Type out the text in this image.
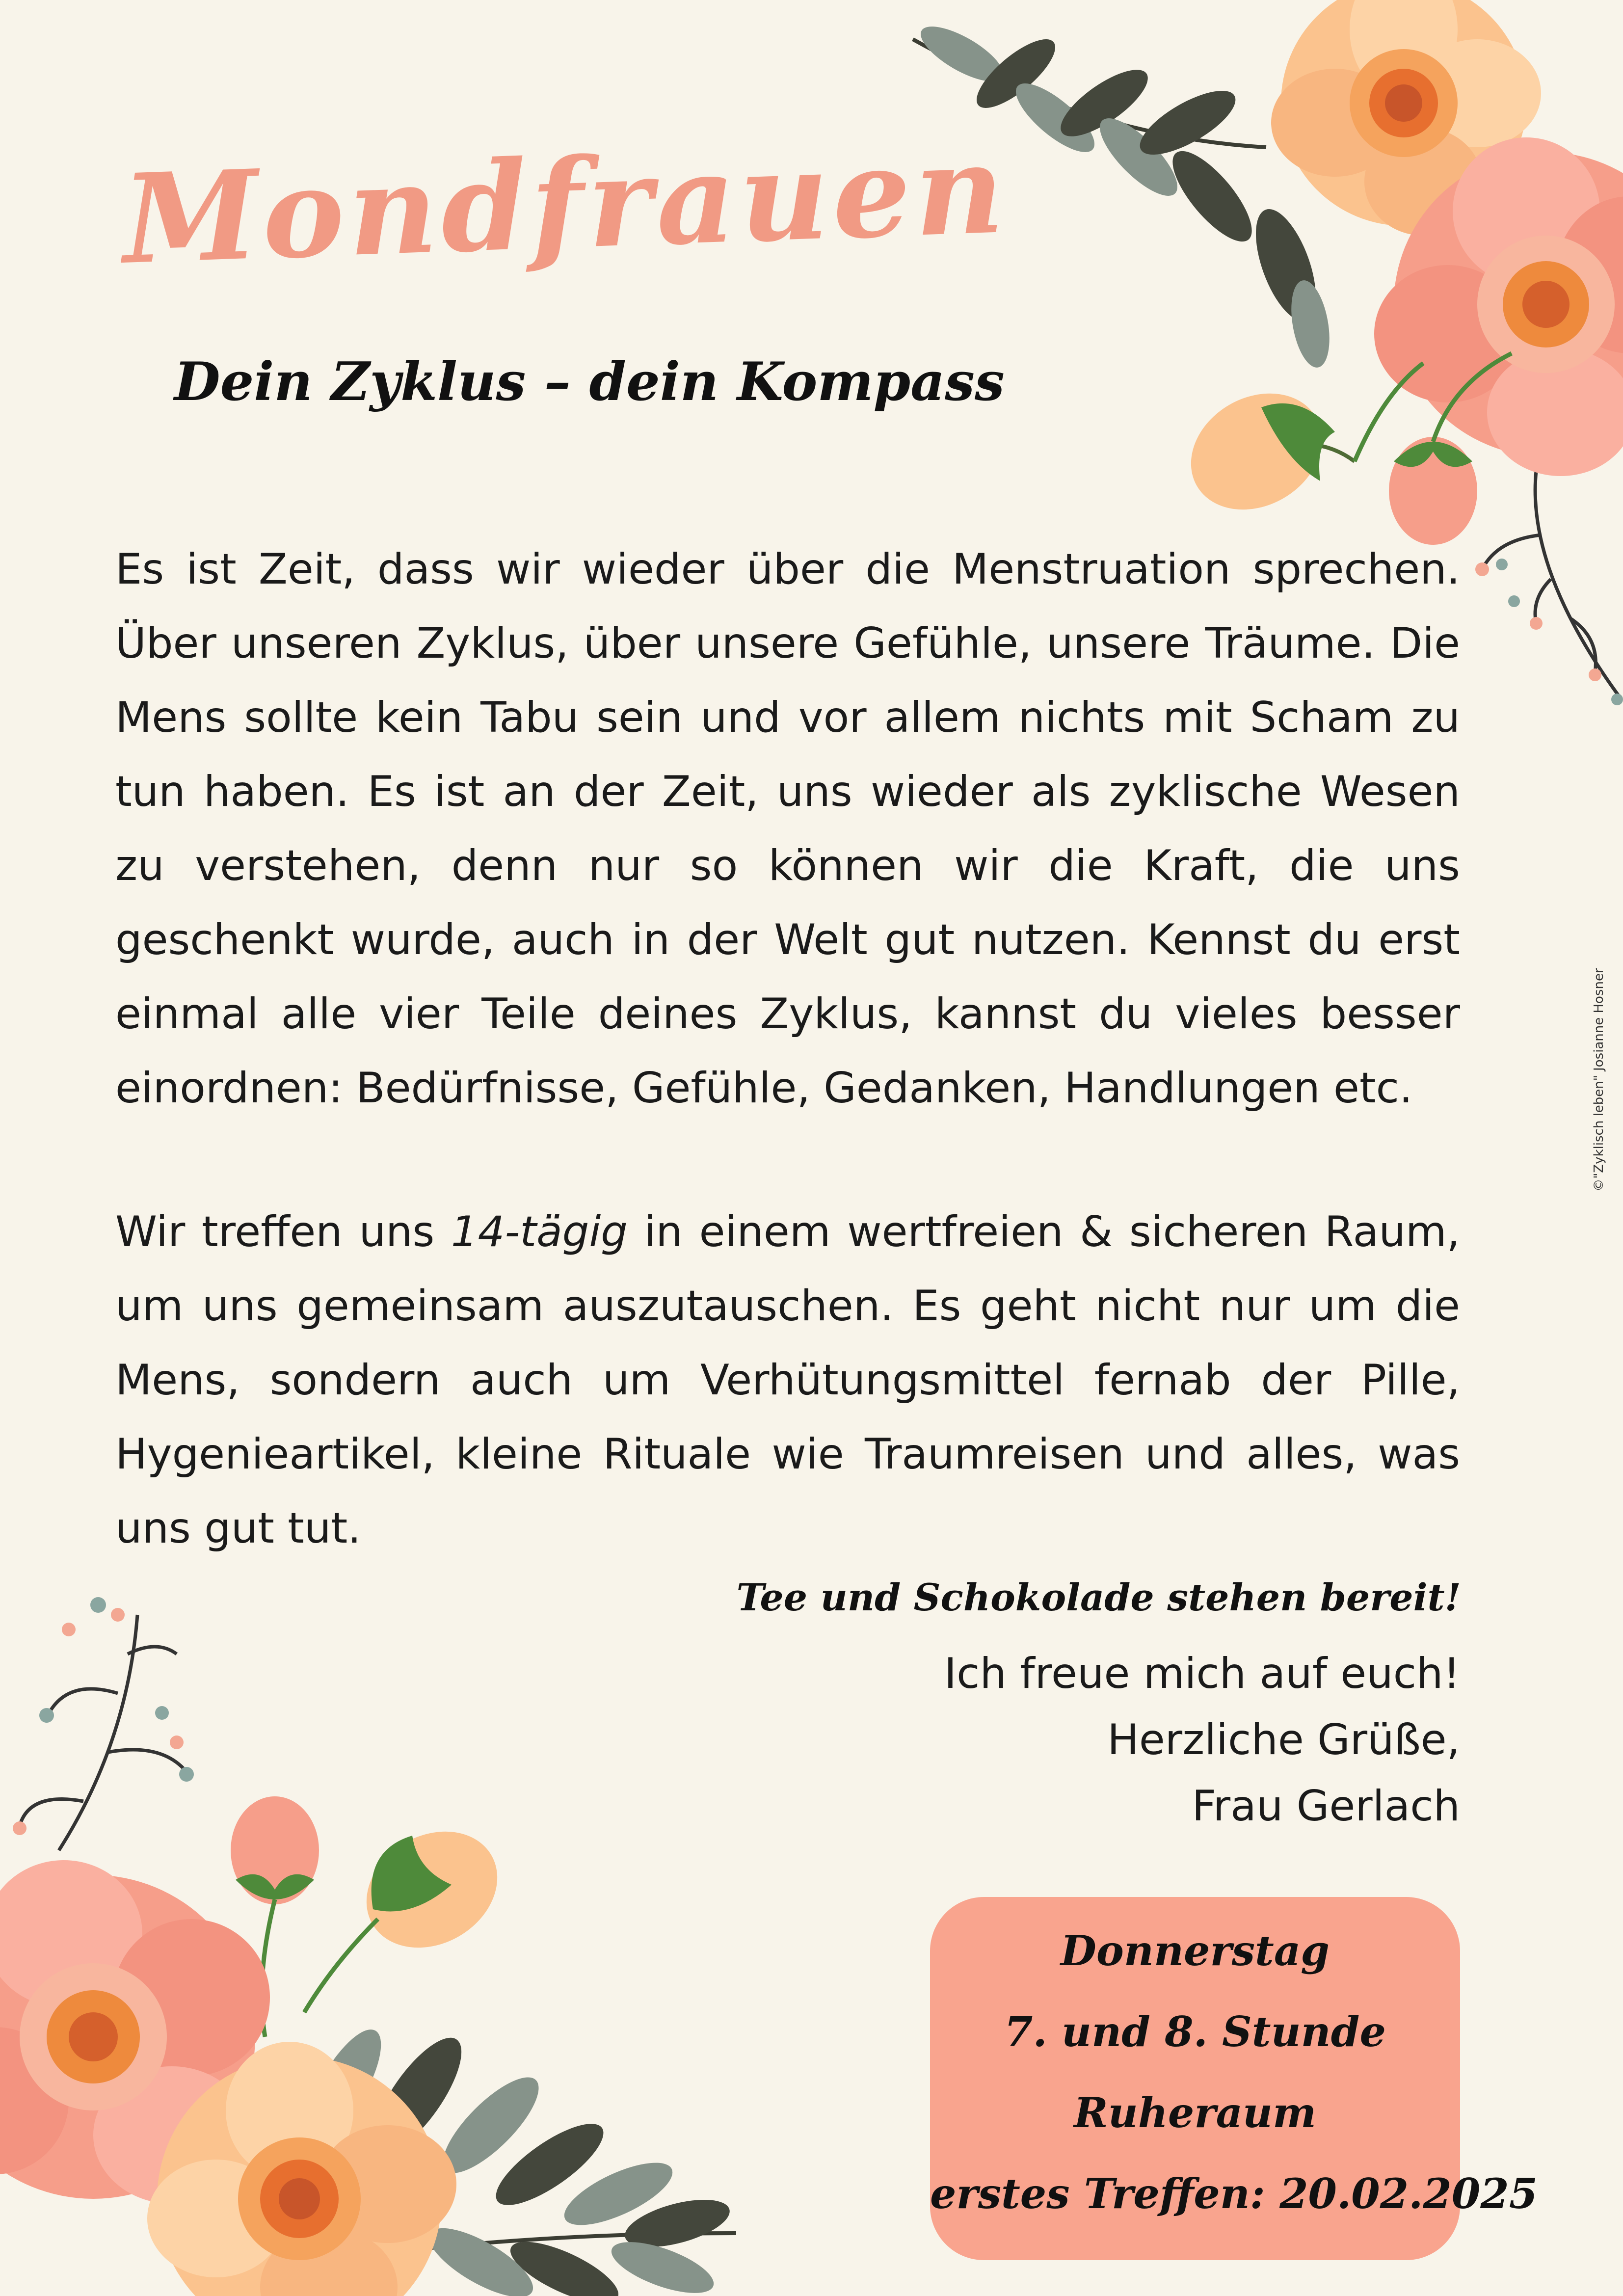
Mondfrauen
Dein Zyklus – dein Kompass

Es ist Zeit, dass wir wieder über die Menstruation sprechen. Über unseren Zyklus, über unsere Gefühle, unsere Träume. Die Mens sollte kein Tabu sein und vor allem nichts mit Scham zu tun haben. Es ist an der Zeit, uns wieder als zyklische Wesen zu verstehen, denn nur so können wir die Kraft, die uns geschenkt wurde, auch in der Welt gut nutzen. Kennst du erst einmal alle vier Teile deines Zyklus, kannst du vieles besser einordnen: Bedürfnisse, Gefühle, Gedanken, Handlungen etc.

Wir treffen uns 14-tägig in einem wertfreien & sicheren Raum, um uns gemeinsam auszutauschen. Es geht nicht nur um die Mens, sondern auch um Verhütungsmittel fernab der Pille, Hygenieartikel, kleine Rituale wie Traumreisen und alles, was uns gut tut.

Tee und Schokolade stehen bereit!
Ich freue mich auf euch!
Herzliche Grüße,
Frau Gerlach
Donnerstag
7. und 8. Stunde
Ruheraum
erstes Treffen: 20.02.2025
©"Zyklisch leben" Josianne Hosner
